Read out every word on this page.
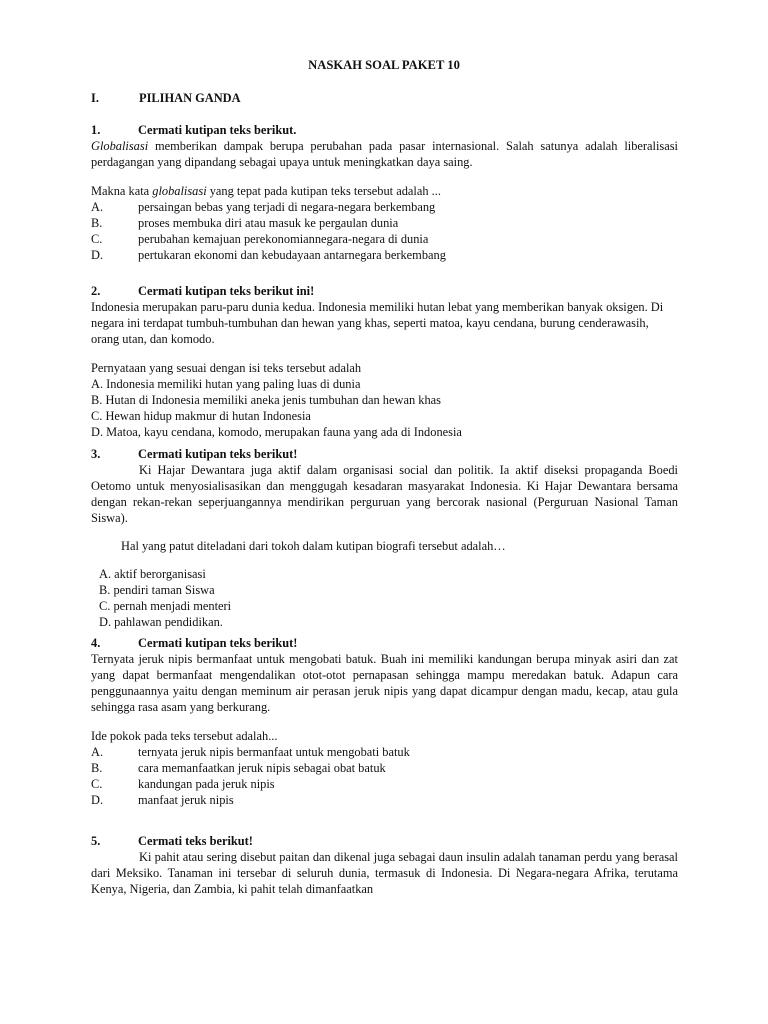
NASKAH SOAL PAKET 10
I.	PILIHAN GANDA
1.	Cermati kutipan teks berikut.

Globalisasi memberikan dampak berupa perubahan pada pasar internasional. Salah satunya adalah liberalisasi perdagangan yang dipandang sebagai upaya untuk meningkatkan daya saing.

Makna kata globalisasi yang tepat pada kutipan teks tersebut adalah ...

A.	persaingan bebas yang terjadi di negara-negara berkembang
B.	proses membuka diri atau masuk ke pergaulan dunia
C.	perubahan kemajuan perekonomiannegara-negara di dunia
D.	pertukaran ekonomi dan kebudayaan antarnegara berkembang
2.	Cermati kutipan teks berikut ini!

Indonesia merupakan paru-paru dunia kedua. Indonesia memiliki hutan lebat yang memberikan banyak oksigen. Di negara ini terdapat tumbuh-tumbuhan dan hewan yang khas, seperti matoa, kayu cendana, burung cenderawasih, orang utan, dan komodo.

Pernyataan yang sesuai dengan isi teks tersebut adalah

A. Indonesia memiliki hutan yang paling luas di dunia
B. Hutan di Indonesia memiliki aneka jenis tumbuhan dan hewan khas
C. Hewan hidup makmur di hutan Indonesia
D. Matoa, kayu cendana, komodo, merupakan fauna yang ada di Indonesia
3.	Cermati kutipan teks berikut!

Ki Hajar Dewantara juga aktif dalam organisasi social dan politik. Ia aktif diseksi propaganda Boedi Oetomo untuk menyosialisasikan dan menggugah kesadaran masyarakat Indonesia. Ki Hajar Dewantara bersama dengan rekan-rekan seperjuangannya mendirikan perguruan yang bercorak nasional (Perguruan Nasional Taman Siswa).

Hal yang patut diteladani dari tokoh dalam kutipan biografi tersebut adalah…

A. aktif berorganisasi
B. pendiri taman Siswa
C. pernah menjadi menteri
D. pahlawan pendidikan.
4.	Cermati kutipan teks berikut!

Ternyata jeruk nipis bermanfaat untuk mengobati batuk. Buah ini memiliki kandungan berupa minyak asiri dan zat yang dapat bermanfaat mengendalikan otot-otot pernapasan sehingga mampu meredakan batuk. Adapun cara penggunaannya yaitu dengan meminum air perasan jeruk nipis yang dapat dicampur dengan madu, kecap, atau gula sehingga rasa asam yang berkurang.

Ide pokok pada teks tersebut adalah...

A.	ternyata jeruk nipis bermanfaat untuk mengobati batuk
B.	cara memanfaatkan jeruk nipis sebagai obat batuk
C.	kandungan pada jeruk nipis
D.	manfaat jeruk nipis
5.	Cermati teks berikut!

Ki pahit atau sering disebut paitan dan dikenal juga sebagai daun insulin adalah tanaman perdu yang berasal dari Meksiko. Tanaman ini tersebar di seluruh dunia, termasuk di Indonesia. Di Negara-negara Afrika, terutama Kenya, Nigeria, dan Zambia, ki pahit telah dimanfaatkan
